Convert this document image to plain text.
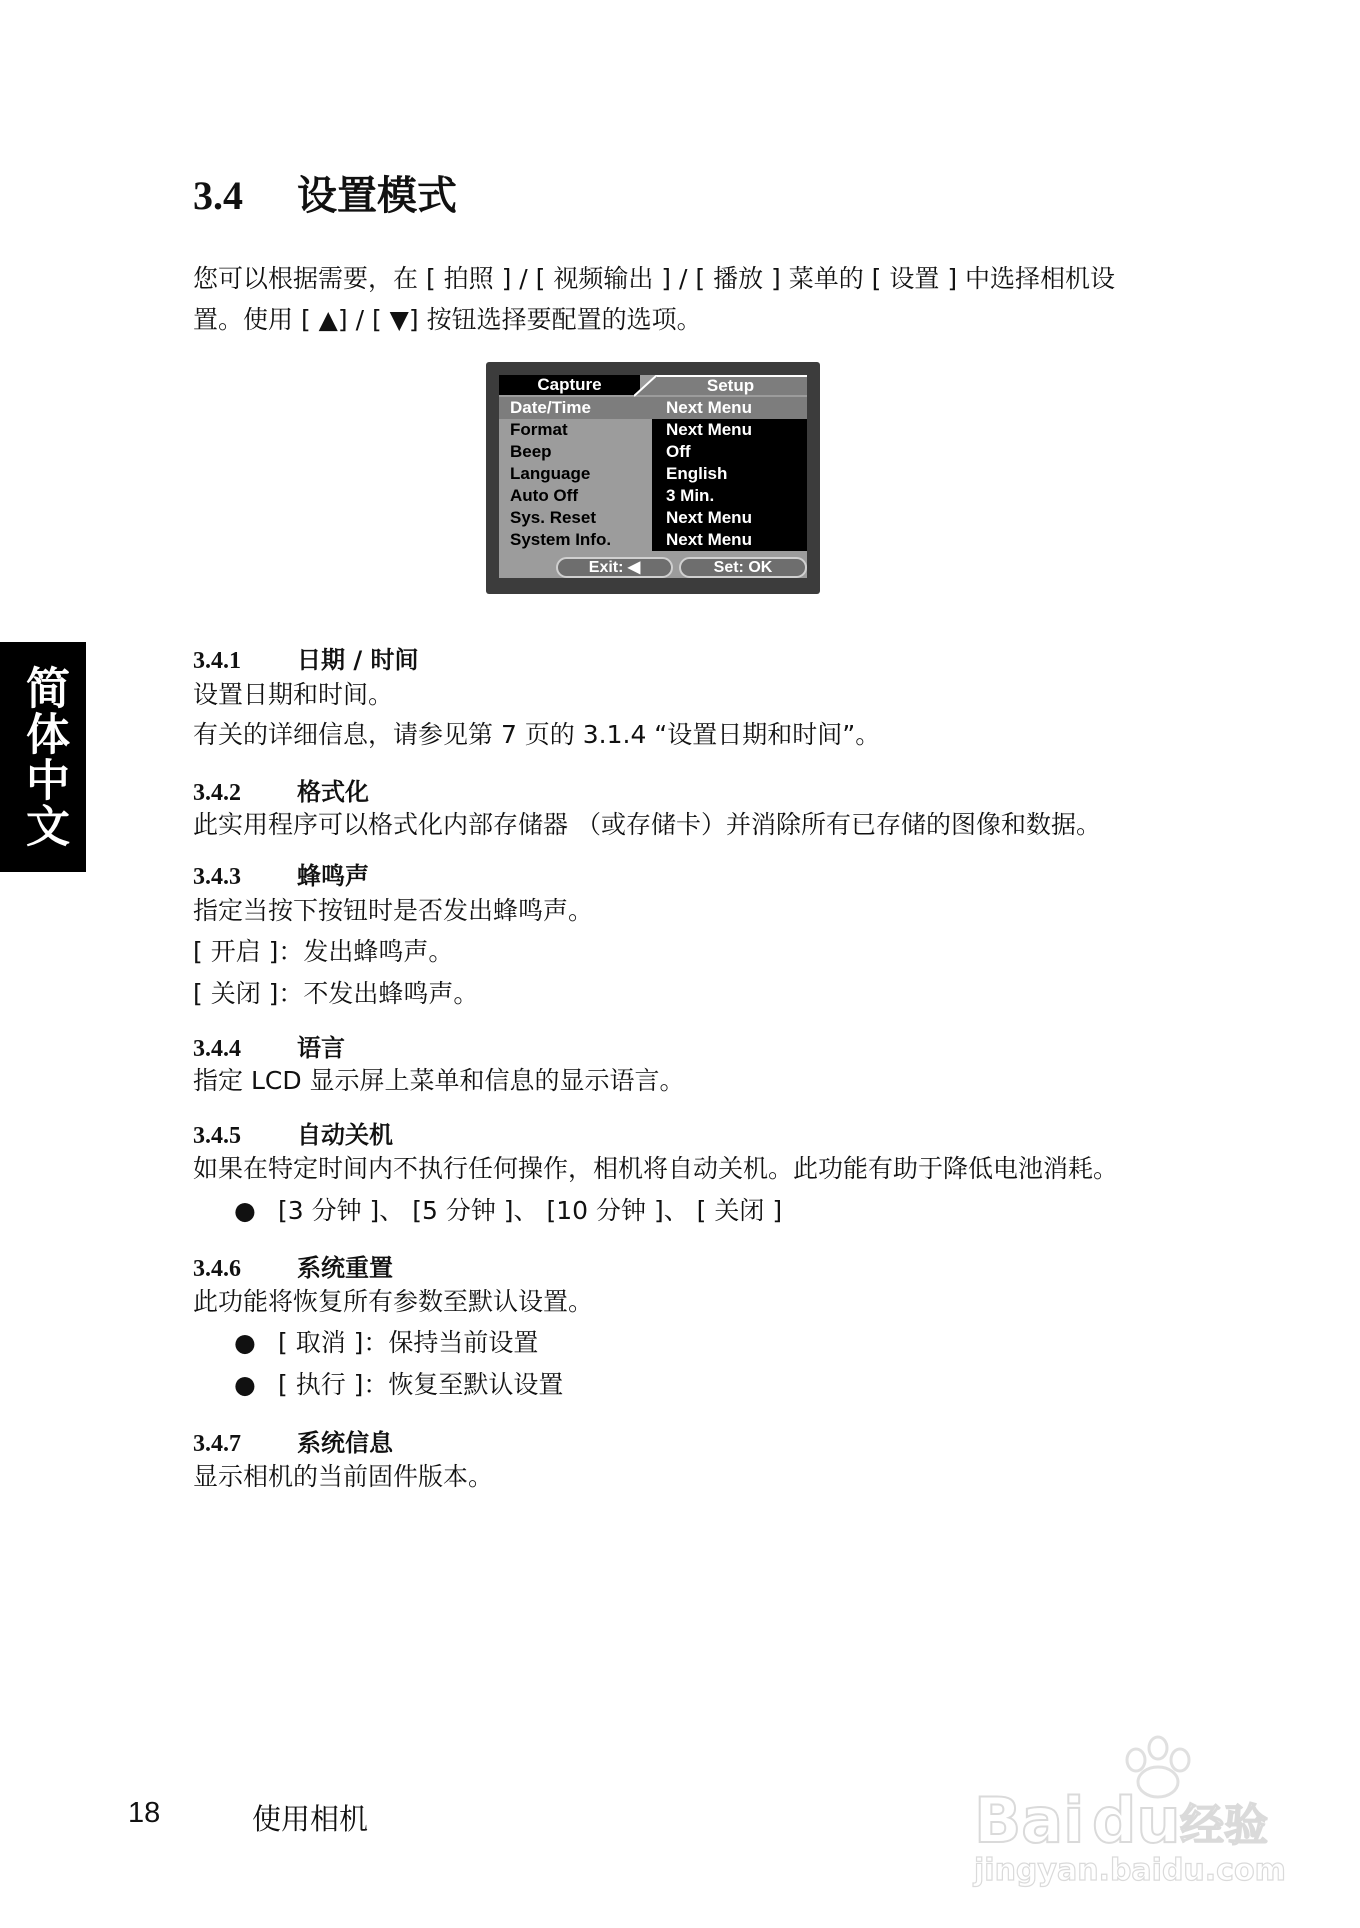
3.4 设置模式
您可以根据需要，在 [ 拍照 ] / [ 视频输出 ] / [ 播放 ] 菜单的 [ 设置 ] 中选择相机设
置。使用 [ ▲] / [ ▼] 按钮选择要配置的选项。
Capture	Setup
Date/Time	Next Menu
Format	Next Menu
Beep	Off
Language	English
Auto Off	3 Min.
Sys. Reset	Next Menu
System Info.	Next Menu
Exit: ◀	Set: OK
3.4.1 日期 / 时间
设置日期和时间。
有关的详细信息，请参见第 7 页的 3.1.4 “设置日期和时间”。
3.4.2 格式化
此实用程序可以格式化内部存储器 （或存储卡）并消除所有已存储的图像和数据。
3.4.3 蜂鸣声
指定当按下按钮时是否发出蜂鸣声。
[ 开启 ]：发出蜂鸣声。
[ 关闭 ]：不发出蜂鸣声。
3.4.4 语言
指定 LCD 显示屏上菜单和信息的显示语言。
3.4.5 自动关机
如果在特定时间内不执行任何操作，相机将自动关机。此功能有助于降低电池消耗。
● [3 分钟 ]、 [5 分钟 ]、 [10 分钟 ]、 [ 关闭 ]
3.4.6 系统重置
此功能将恢复所有参数至默认设置。
● [ 取消 ]：保持当前设置
● [ 执行 ]：恢复至默认设置
3.4.7 系统信息
显示相机的当前固件版本。
简体中文
18	使用相机	Bai du 经验
jingyan.baidu.com
